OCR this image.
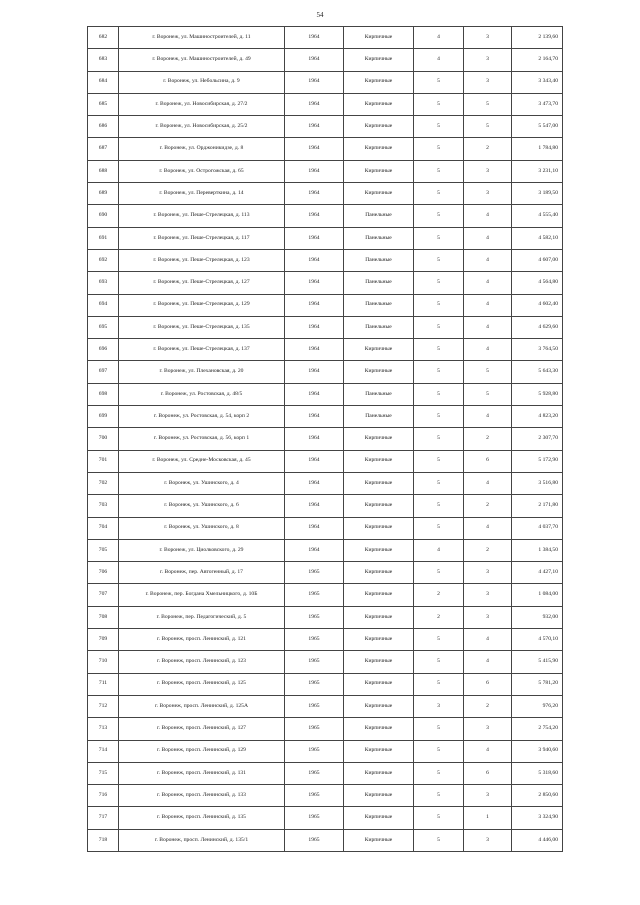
54
682	г. Воронеж, ул. Машиностроителей, д. 11	1964	Кирпичные	4	3	2 139,60
683	г. Воронеж, ул. Машиностроителей, д. 49	1964	Кирпичные	4	3	2 164,70
684	г. Воронеж, ул. Небольсина, д. 9	1964	Кирпичные	5	3	3 343,40
685	г. Воронеж, ул. Новосибирская, д. 27/2	1964	Кирпичные	5	5	3 473,70
686	г. Воронеж, ул. Новосибирская, д. 25/2	1964	Кирпичные	5	5	5 547,00
687	г. Воронеж, ул. Орджоникидзе, д. 8	1964	Кирпичные	5	2	1 784,80
688	г. Воронеж, ул. Острогожская, д. 65	1964	Кирпичные	5	3	3 231,10
689	г. Воронеж, ул. Переверткина, д. 14	1964	Кирпичные	5	3	3 189,50
690	г. Воронеж, ул. Пеше-Стрелецкая, д. 113	1964	Панельные	5	4	4 555,40
691	г. Воронеж, ул. Пеше-Стрелецкая, д. 117	1964	Панельные	5	4	4 582,10
692	г. Воронеж, ул. Пеше-Стрелецкая, д. 123	1964	Панельные	5	4	4 607,00
693	г. Воронеж, ул. Пеше-Стрелецкая, д. 127	1964	Панельные	5	4	4 564,80
694	г. Воронеж, ул. Пеше-Стрелецкая, д. 129	1964	Панельные	5	4	4 602,40
695	г. Воронеж, ул. Пеше-Стрелецкая, д. 135	1964	Панельные	5	4	4 629,60
696	г. Воронеж, ул. Пеше-Стрелецкая, д. 137	1964	Кирпичные	5	4	3 764,50
697	г. Воронеж, ул. Плехановская, д. 20	1964	Кирпичные	5	5	5 643,30
698	г. Воронеж, ул. Ростовская, д. 48/5	1964	Панельные	5	5	5 928,80
699	г. Воронеж, ул. Ростовская, д. 54, корп 2	1964	Панельные	5	4	4 823,20
700	г. Воронеж, ул. Ростовская, д. 56, корп 1	1964	Кирпичные	5	2	2 307,70
701	г. Воронеж, ул. Средне-Московская, д. 45	1964	Кирпичные	5	6	5 172,90
702	г. Воронеж, ул. Ушинского, д. 4	1964	Кирпичные	5	4	3 516,80
703	г. Воронеж, ул. Ушинского, д. 6	1964	Кирпичные	5	2	2 171,80
704	г. Воронеж, ул. Ушинского, д. 8	1964	Кирпичные	5	4	4 037,70
705	г. Воронеж, ул. Циолковского, д. 29	1964	Кирпичные	4	2	1 384,50
706	г. Воронеж, пер. Автогенный, д. 17	1965	Кирпичные	5	3	4 427,10
707	г. Воронеж, пер. Богдана Хмельницкого, д. 10Б	1965	Кирпичные	2	3	1 084,00
708	г. Воронеж, пер. Педагогический, д. 5	1965	Кирпичные	2	3	932,00
709	г. Воронеж, просп. Ленинский, д. 121	1965	Кирпичные	5	4	4 570,10
710	г. Воронеж, просп. Ленинский, д. 123	1965	Кирпичные	5	4	5 415,90
711	г. Воронеж, просп. Ленинский, д. 125	1965	Кирпичные	5	6	5 781,20
712	г. Воронеж, просп. Ленинский, д. 125А	1965	Кирпичные	3	2	976,20
713	г. Воронеж, просп. Ленинский, д. 127	1965	Кирпичные	5	3	2 754,20
714	г. Воронеж, просп. Ленинский, д. 129	1965	Кирпичные	5	4	3 940,60
715	г. Воронеж, просп. Ленинский, д. 131	1965	Кирпичные	5	6	5 318,60
716	г. Воронеж, просп. Ленинский, д. 133	1965	Кирпичные	5	3	2 850,60
717	г. Воронеж, просп. Ленинский, д. 135	1965	Кирпичные	5	1	3 324,90
718	г. Воронеж, просп. Ленинский, д. 135/1	1965	Кирпичные	5	3	4 446,00
